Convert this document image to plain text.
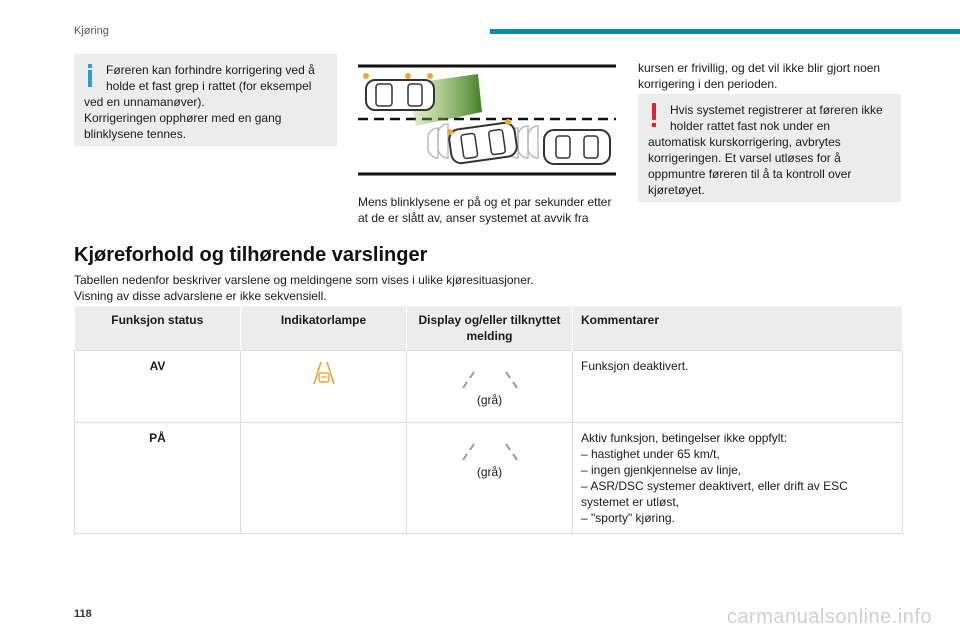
Kjøring
Føreren kan forhindre korrigering ved å holde et fast grep i rattet (for eksempel ved en unnamanøver).
Korrigeringen opphører med en gang blinklysene tennes.
Mens blinklysene er på og et par sekunder etter at de er slått av, anser systemet at avvik fra
kursen er frivillig, og det vil ikke blir gjort noen korrigering i den perioden.
Hvis systemet registrerer at føreren ikke holder rattet fast nok under en automatisk kurskorrigering, avbrytes korrigeringen. Et varsel utløses for å oppmuntre føreren til å ta kontroll over kjøretøyet.
Kjøreforhold og tilhørende varslinger
Tabellen nedenfor beskriver varslene og meldingene som vises i ulike kjøresituasjoner.
Visning av disse advarslene er ikke sekvensiell.
Funksjon status	Indikatorlampe	Display og/eller tilknyttet melding	Kommentarer
AV		(grå)	Funksjon deaktivert.
PÅ		(grå)	Aktiv funksjon, betingelser ikke oppfylt:
– hastighet under 65 km/t,
– ingen gjenkjennelse av linje,
– ASR/DSC systemer deaktivert, eller drift av ESC systemet er utløst,
– "sporty" kjøring.
118	carmanualsonline.info
